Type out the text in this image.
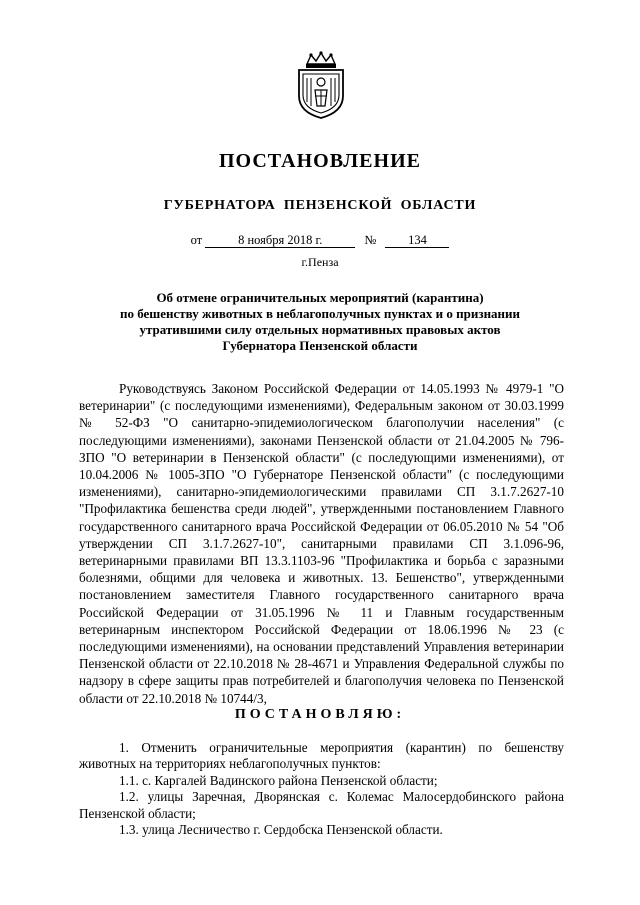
ПОСТАНОВЛЕНИЕ
ГУБЕРНАТОРА ПЕНЗЕНСКОЙ ОБЛАСТИ
от	8 ноября 2018 г.	№	134
г.Пенза
Об отмене ограничительных мероприятий (карантина)
по бешенству животных в неблагополучных пунктах и о признании
утратившими силу отдельных нормативных правовых актов
Губернатора Пензенской области

Руководствуясь Законом Российской Федерации от 14.05.1993 № 4979-1 "О ветеринарии" (с последующими изменениями), Федеральным законом от 30.03.1999 № 52-ФЗ "О санитарно-эпидемиологическом благополучии населения" (с последующими изменениями), законами Пензенской области от 21.04.2005 № 796-ЗПО "О ветеринарии в Пензенской области" (с последующими изменениями), от 10.04.2006 № 1005-ЗПО "О Губернаторе Пензенской области" (с последующими изменениями), санитарно-эпидемиологическими правилами СП 3.1.7.2627-10 "Профилактика бешенства среди людей", утвержденными постановлением Главного государственного санитарного врача Российской Федерации от 06.05.2010 № 54 "Об утверждении СП 3.1.7.2627-10", санитарными правилами СП 3.1.096-96, ветеринарными правилами ВП 13.3.1103-96 "Профилактика и борьба с заразными болезнями, общими для человека и животных. 13. Бешенство", утвержденными постановлением заместителя Главного государственного санитарного врача Российской Федерации от 31.05.1996 № 11 и Главным государственным ветеринарным инспектором Российской Федерации от 18.06.1996 № 23 (с последующими изменениями), на основании представлений Управления ветеринарии Пензенской области от 22.10.2018 № 28-4671 и Управления Федеральной службы по надзору в сфере защиты прав потребителей и благополучия человека по Пензенской области от 22.10.2018 № 10744/3,

ПОСТАНОВЛЯЮ:

1. Отменить ограничительные мероприятия (карантин) по бешенству животных на территориях неблагополучных пунктов:

1.1. с. Каргалей Вадинского района Пензенской области;

1.2. улицы Заречная, Дворянская с. Колемас Малосердобинского района Пензенской области;

1.3. улица Лесничество г. Сердобска Пензенской области.
